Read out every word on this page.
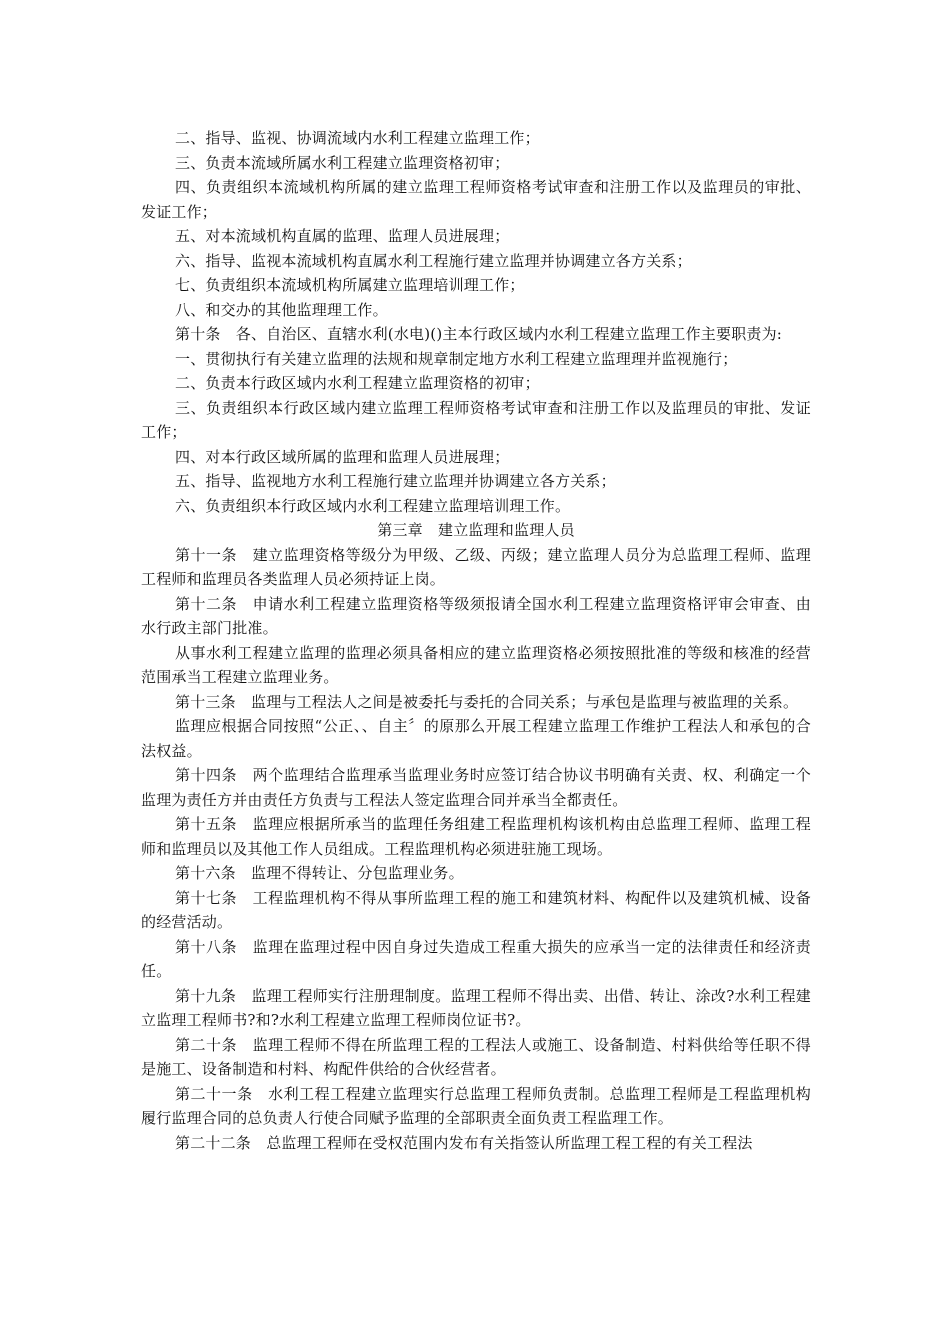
二、指导、监视、协调流域内水利工程建立监理工作；

三、负责本流域所属水利工程建立监理资格初审；

四、负责组织本流域机构所属的建立监理工程师资格考试审查和注册工作以及监理员的审批、发证工作；

五、对本流域机构直属的监理、监理人员进展理；

六、指导、监视本流域机构直属水利工程施行建立监理并协调建立各方关系；

七、负责组织本流域机构所属建立监理培训理工作；

八、和交办的其他监理理工作。

第十条　各、自治区、直辖水利(水电)()主本行政区域内水利工程建立监理工作主要职责为:

一、贯彻执行有关建立监理的法规和规章制定地方水利工程建立监理理并监视施行；

二、负责本行政区域内水利工程建立监理资格的初审；

三、负责组织本行政区域内建立监理工程师资格考试审查和注册工作以及监理员的审批、发证工作；

四、对本行政区域所属的监理和监理人员进展理；

五、指导、监视地方水利工程施行建立监理并协调建立各方关系；

六、负责组织本行政区域内水利工程建立监理培训理工作。

第三章　建立监理和监理人员

第十一条　建立监理资格等级分为甲级、乙级、丙级；建立监理人员分为总监理工程师、监理工程师和监理员各类监理人员必须持证上岗。

第十二条　申请水利工程建立监理资格等级须报请全国水利工程建立监理资格评审会审查、由水行政主部门批准。

从事水利工程建立监理的监理必须具备相应的建立监理资格必须按照批准的等级和核准的经营范围承当工程建立监理业务。

第十三条　监理与工程法人之间是被委托与委托的合同关系；与承包是监理与被监理的关系。

监理应根据合同按照“公正、、自主〞的原那么开展工程建立监理工作维护工程法人和承包的合法权益。

第十四条　两个监理结合监理承当监理业务时应签订结合协议书明确有关责、权、利确定一个监理为责任方并由责任方负责与工程法人签定监理合同并承当全都责任。

第十五条　监理应根据所承当的监理任务组建工程监理机构该机构由总监理工程师、监理工程师和监理员以及其他工作人员组成。工程监理机构必须进驻施工现场。

第十六条　监理不得转让、分包监理业务。

第十七条　工程监理机构不得从事所监理工程的施工和建筑材料、构配件以及建筑机械、设备的经营活动。

第十八条　监理在监理过程中因自身过失造成工程重大损失的应承当一定的法律责任和经济责任。

第十九条　监理工程师实行注册理制度。监理工程师不得出卖、出借、转让、涂改?水利工程建立监理工程师书?和?水利工程建立监理工程师岗位证书?。

第二十条　监理工程师不得在所监理工程的工程法人或施工、设备制造、村料供给等任职不得是施工、设备制造和村料、构配件供给的合伙经营者。

第二十一条　水利工程工程建立监理实行总监理工程师负责制。总监理工程师是工程监理机构履行监理合同的总负责人行使合同赋予监理的全部职责全面负责工程监理工作。

第二十二条　总监理工程师在受权范围内发布有关指签认所监理工程工程的有关工程法
